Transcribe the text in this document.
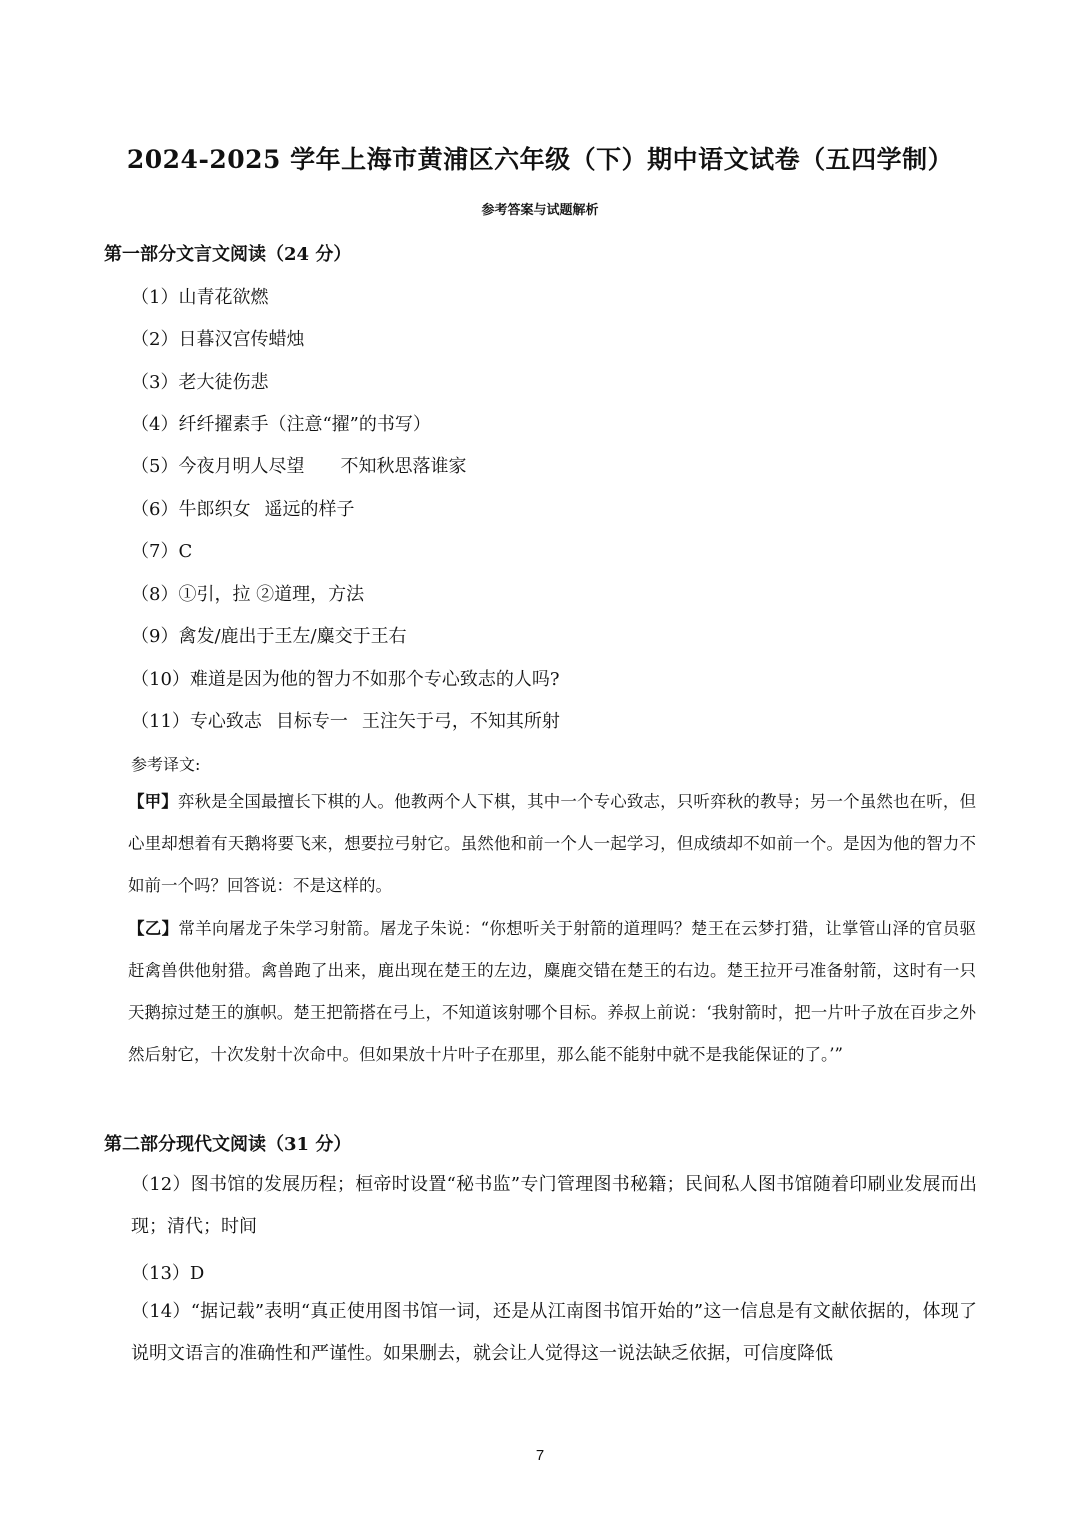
2024-2025 学年上海市黄浦区六年级（下）期中语文试卷（五四学制）
参考答案与试题解析
第一部分文言文阅读（24 分）
（1）山青花欲燃
（2）日暮汉宫传蜡烛
（3）老大徒伤悲
（4）纤纤擢素手（注意“擢”的书写）
（5）今夜月明人尽望 不知秋思落谁家
（6）牛郎织女 遥远的样子
（7）C
（8）①引，拉 ②道理，方法
（9）禽发/鹿出于王左/麋交于王右
（10）难道是因为他的智力不如那个专心致志的人吗?
（11）专心致志 目标专一 王注矢于弓，不知其所射
参考译文:
【甲】弈秋是全国最擅长下棋的人。他教两个人下棋，其中一个专心致志，只听弈秋的教导；另一个虽然也在听，但心里却想着有天鹅将要飞来，想要拉弓射它。虽然他和前一个人一起学习，但成绩却不如前一个。是因为他的智力不如前一个吗？回答说：不是这样的。
【乙】常羊向屠龙子朱学习射箭。屠龙子朱说：“你想听关于射箭的道理吗？楚王在云梦打猎，让掌管山泽的官员驱赶禽兽供他射猎。禽兽跑了出来，鹿出现在楚王的左边，麋鹿交错在楚王的右边。楚王拉开弓准备射箭，这时有一只天鹅掠过楚王的旗帜。楚王把箭搭在弓上，不知道该射哪个目标。养叔上前说：‘我射箭时，把一片叶子放在百步之外然后射它，十次发射十次命中。但如果放十片叶子在那里，那么能不能射中就不是我能保证的了。’”
第二部分现代文阅读（31 分）
（12）图书馆的发展历程；桓帝时设置“秘书监”专门管理图书秘籍；民间私人图书馆随着印刷业发展而出现；清代；时间
（13）D
（14）“据记载”表明“真正使用图书馆一词，还是从江南图书馆开始的”这一信息是有文献依据的，体现了说明文语言的准确性和严谨性。如果删去，就会让人觉得这一说法缺乏依据，可信度降低
7
